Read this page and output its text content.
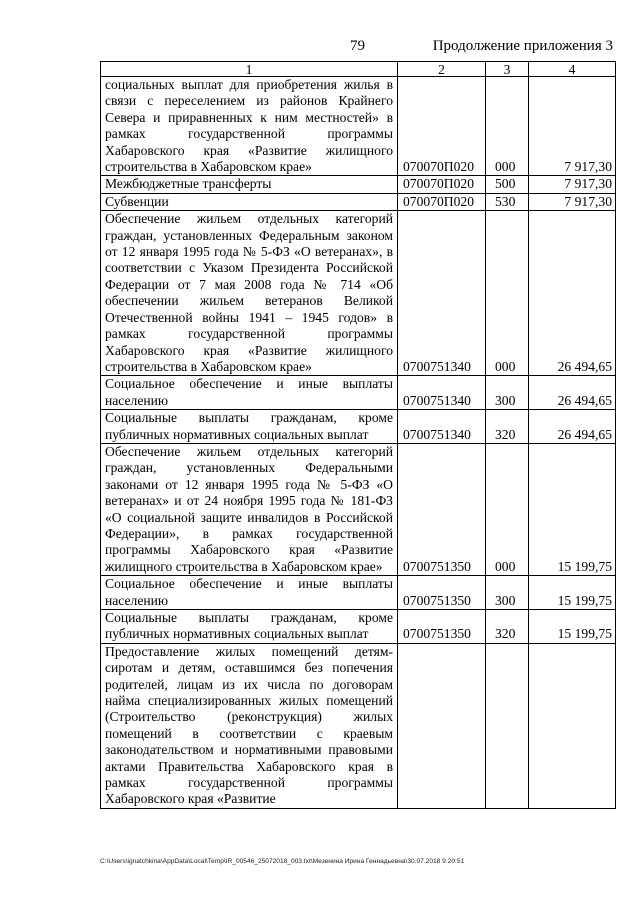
79	Продолжение приложения 3
1	2	3	4
социальных выплат для приобретения жилья в связи с переселением из районов Крайнего Севера и приравненных к ним местностей» в рамках государственной программы Хабаровского края «Развитие жилищного строительства в Хабаровском крае»	070070П020	000	7 917,30
Межбюджетные трансферты	070070П020	500	7 917,30
Субвенции	070070П020	530	7 917,30
Обеспечение жильем отдельных категорий граждан, установленных Федеральным законом от 12 января 1995 года № 5-ФЗ «О ветеранах», в соответствии с Указом Президента Российской Федерации от 7 мая 2008 года № 714 «Об обеспечении жильем ветеранов Великой Отечественной войны 1941 – 1945 годов» в рамках государственной программы Хабаровского края «Развитие жилищного строительства в Хабаровском крае»	0700751340	000	26 494,65
Социальное обеспечение и иные выплаты населению	0700751340	300	26 494,65
Социальные выплаты гражданам, кроме публичных нормативных социальных выплат	0700751340	320	26 494,65
Обеспечение жильем отдельных категорий граждан, установленных Федеральными законами от 12 января 1995 года № 5-ФЗ «О ветеранах» и от 24 ноября 1995 года № 181-ФЗ «О социальной защите инвалидов в Российской Федерации», в рамках государственной программы Хабаровского края «Развитие жилищного строительства в Хабаровском крае»	0700751350	000	15 199,75
Социальное обеспечение и иные выплаты населению	0700751350	300	15 199,75
Социальные выплаты гражданам, кроме публичных нормативных социальных выплат	0700751350	320	15 199,75
Предоставление жилых помещений детям-сиротам и детям, оставшимся без попечения родителей, лицам из их числа по договорам найма специализированных жилых помещений (Строительство (реконструкция) жилых помещений в соответствии с краевым законодательством и нормативными правовыми актами Правительства Хабаровского края в рамках государственной программы Хабаровского края «Развитие			
C:\Users\ignatchkina\AppData\Local\Temp\IR_00546_25072018_003.txt\Мезенина Ирина Геннадьевна\30.07.2018 9:20:51
